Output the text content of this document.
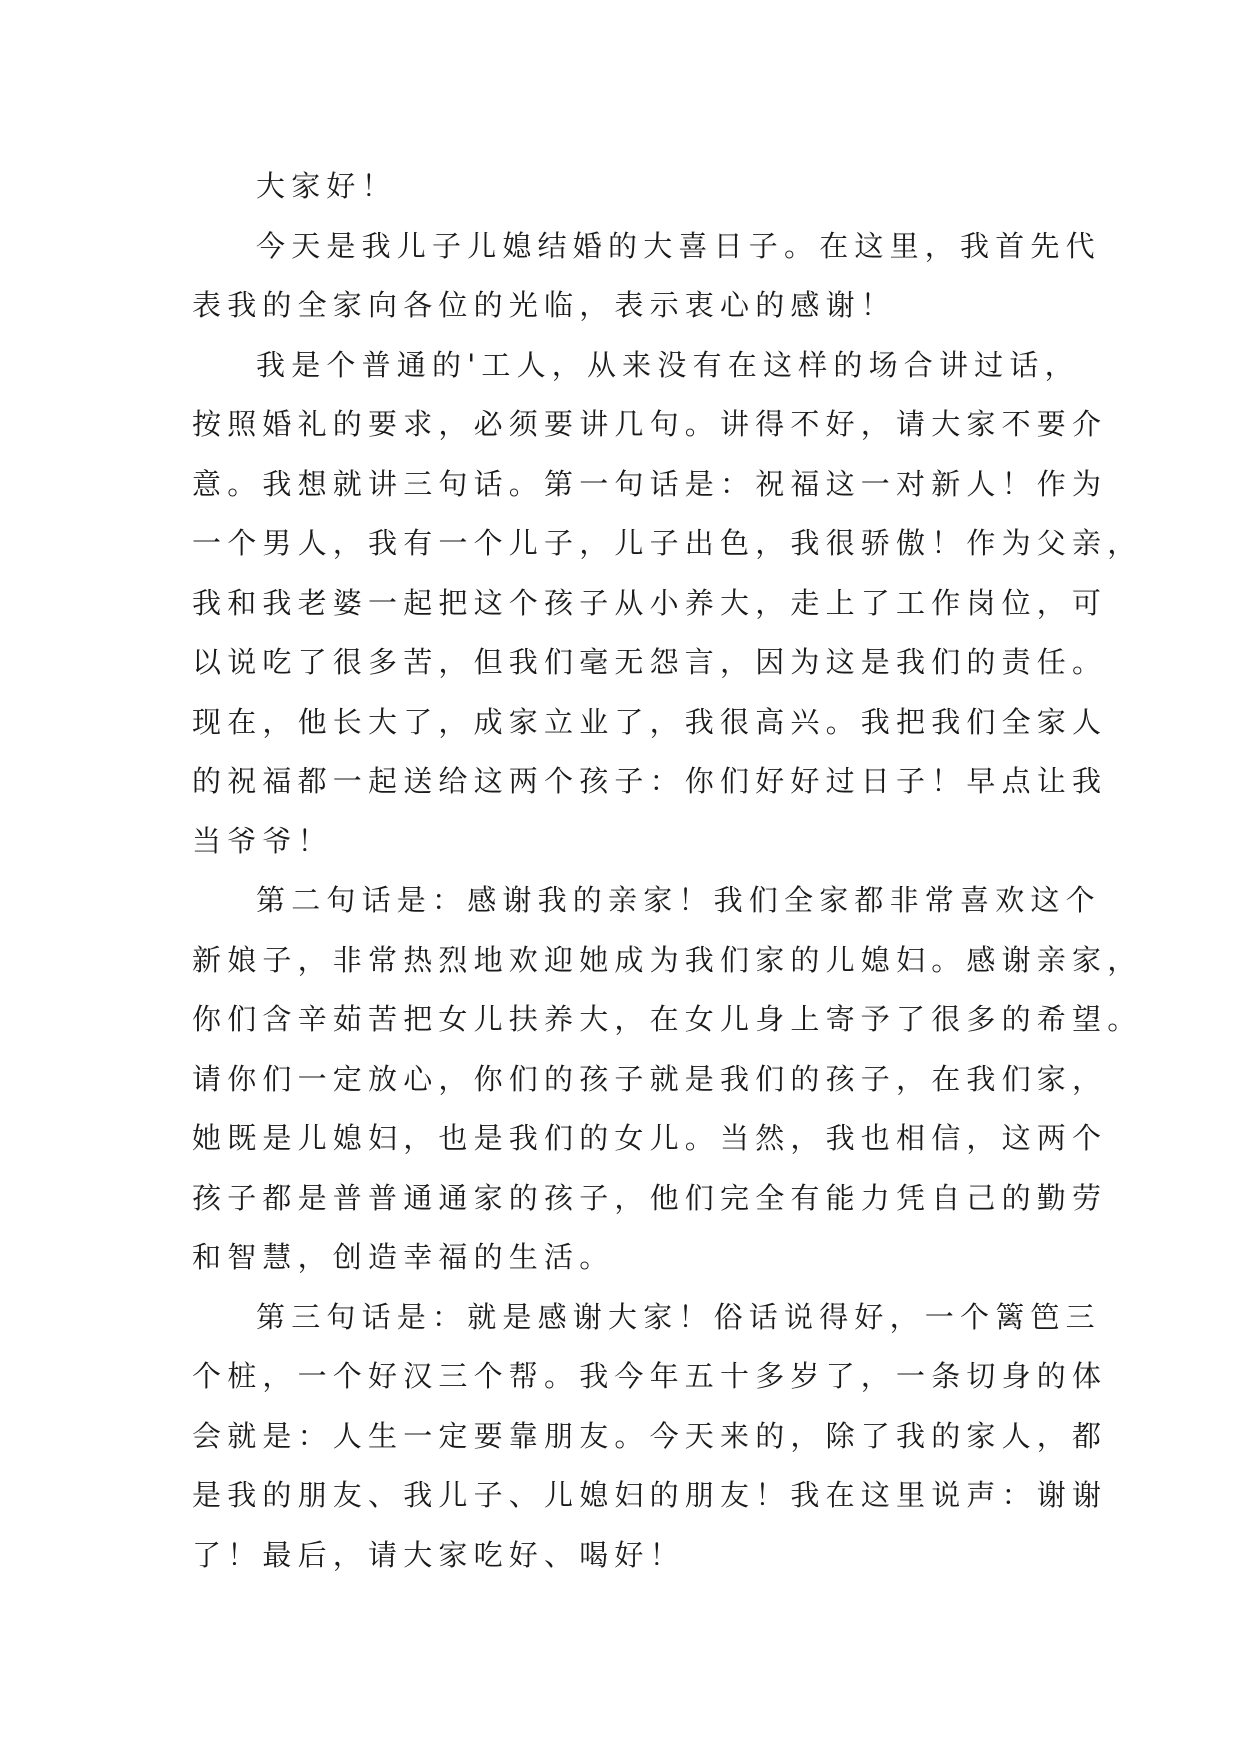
大家好！
今天是我儿子儿媳结婚的大喜日子。在这里，我首先代
表我的全家向各位的光临，表示衷心的感谢！
我是个普通的'工人，从来没有在这样的场合讲过话，
按照婚礼的要求，必须要讲几句。讲得不好，请大家不要介
意。我想就讲三句话。第一句话是：祝福这一对新人！作为
一个男人，我有一个儿子，儿子出色，我很骄傲！作为父亲，
我和我老婆一起把这个孩子从小养大，走上了工作岗位，可
以说吃了很多苦，但我们毫无怨言，因为这是我们的责任。
现在，他长大了，成家立业了，我很高兴。我把我们全家人
的祝福都一起送给这两个孩子：你们好好过日子！早点让我
当爷爷！
第二句话是：感谢我的亲家！我们全家都非常喜欢这个
新娘子，非常热烈地欢迎她成为我们家的儿媳妇。感谢亲家，
你们含辛茹苦把女儿扶养大，在女儿身上寄予了很多的希望。
请你们一定放心，你们的孩子就是我们的孩子，在我们家，
她既是儿媳妇，也是我们的女儿。当然，我也相信，这两个
孩子都是普普通通家的孩子，他们完全有能力凭自己的勤劳
和智慧，创造幸福的生活。
第三句话是：就是感谢大家！俗话说得好，一个篱笆三
个桩，一个好汉三个帮。我今年五十多岁了，一条切身的体
会就是：人生一定要靠朋友。今天来的，除了我的家人，都
是我的朋友、我儿子、儿媳妇的朋友！我在这里说声：谢谢
了！最后，请大家吃好、喝好！
